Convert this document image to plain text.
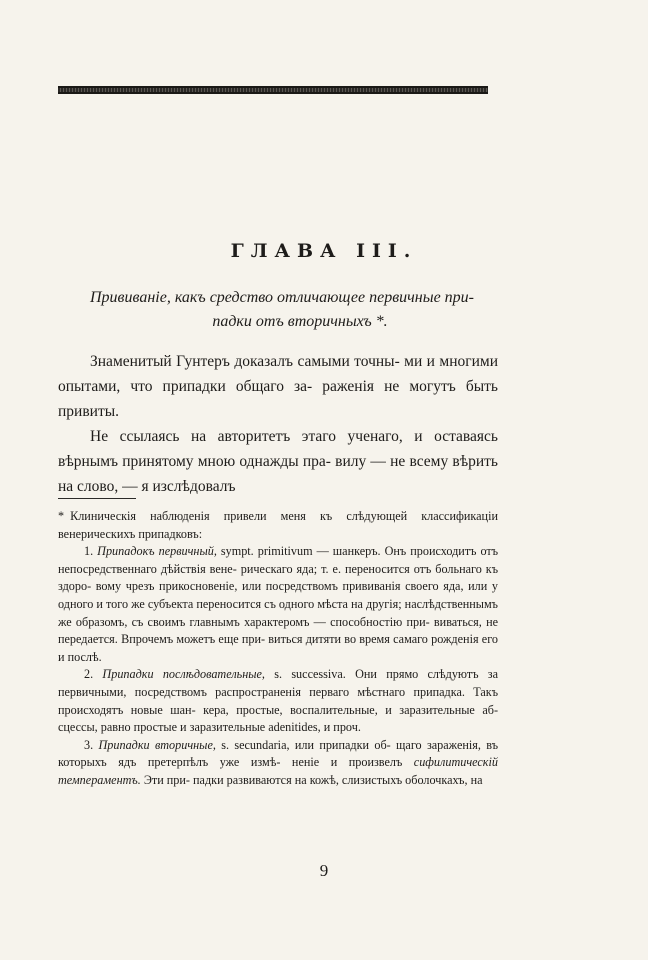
ГЛАВА III.
Прививаніе, какъ средство отличающее первичные при-
падки отъ вторичныхъ *.

Знаменитый Гунтеръ доказалъ самыми точны- ми и многими опытами, что припадки общаго за- раженія не могутъ быть привиты.

Не ссылаясь на авторитетъ этаго ученаго, и оставаясь вѣрнымъ принятому мною однажды пра- вилу — не всему вѣрить на слово, — я изслѣдовалъ

* Клиническія наблюденія привели меня къ слѣдующей классификаціи венерическихъ припадковъ:

1. Припадокъ первичный, sympt. primitivum — шанкеръ. Онъ происходитъ отъ непосредственнаго дѣйствія вене- рическаго яда; т. е. переносится отъ больнаго къ здоро- вому чрезъ прикосновеніе, или посредствомъ прививанія своего яда, или у одного и того же субъекта переносится съ одного мѣста на другія; наслѣдственнымъ же образомъ, съ своимъ главнымъ характеромъ — способностію при- виваться, не передается. Впрочемъ можетъ еще при- виться дитяти во время самаго рожденія его и послѣ.

2. Припадки послѣдовательные, s. successiva. Они прямо слѣдуютъ за первичными, посредствомъ распространенія перваго мѣстнаго припадка. Такъ происходятъ новые шан- кера, простые, воспалительные, и заразительные аб- сцессы, равно простые и заразительные adenitides, и проч.

3. Припадки вторичные, s. secundaria, или припадки об- щаго зараженія, въ которыхъ ядъ претерпѣлъ уже измѣ- неніе и произвелъ сифилитическій темпераментъ. Эти при- падки развиваются на кожѣ, слизистыхъ оболочкахъ, на

9
